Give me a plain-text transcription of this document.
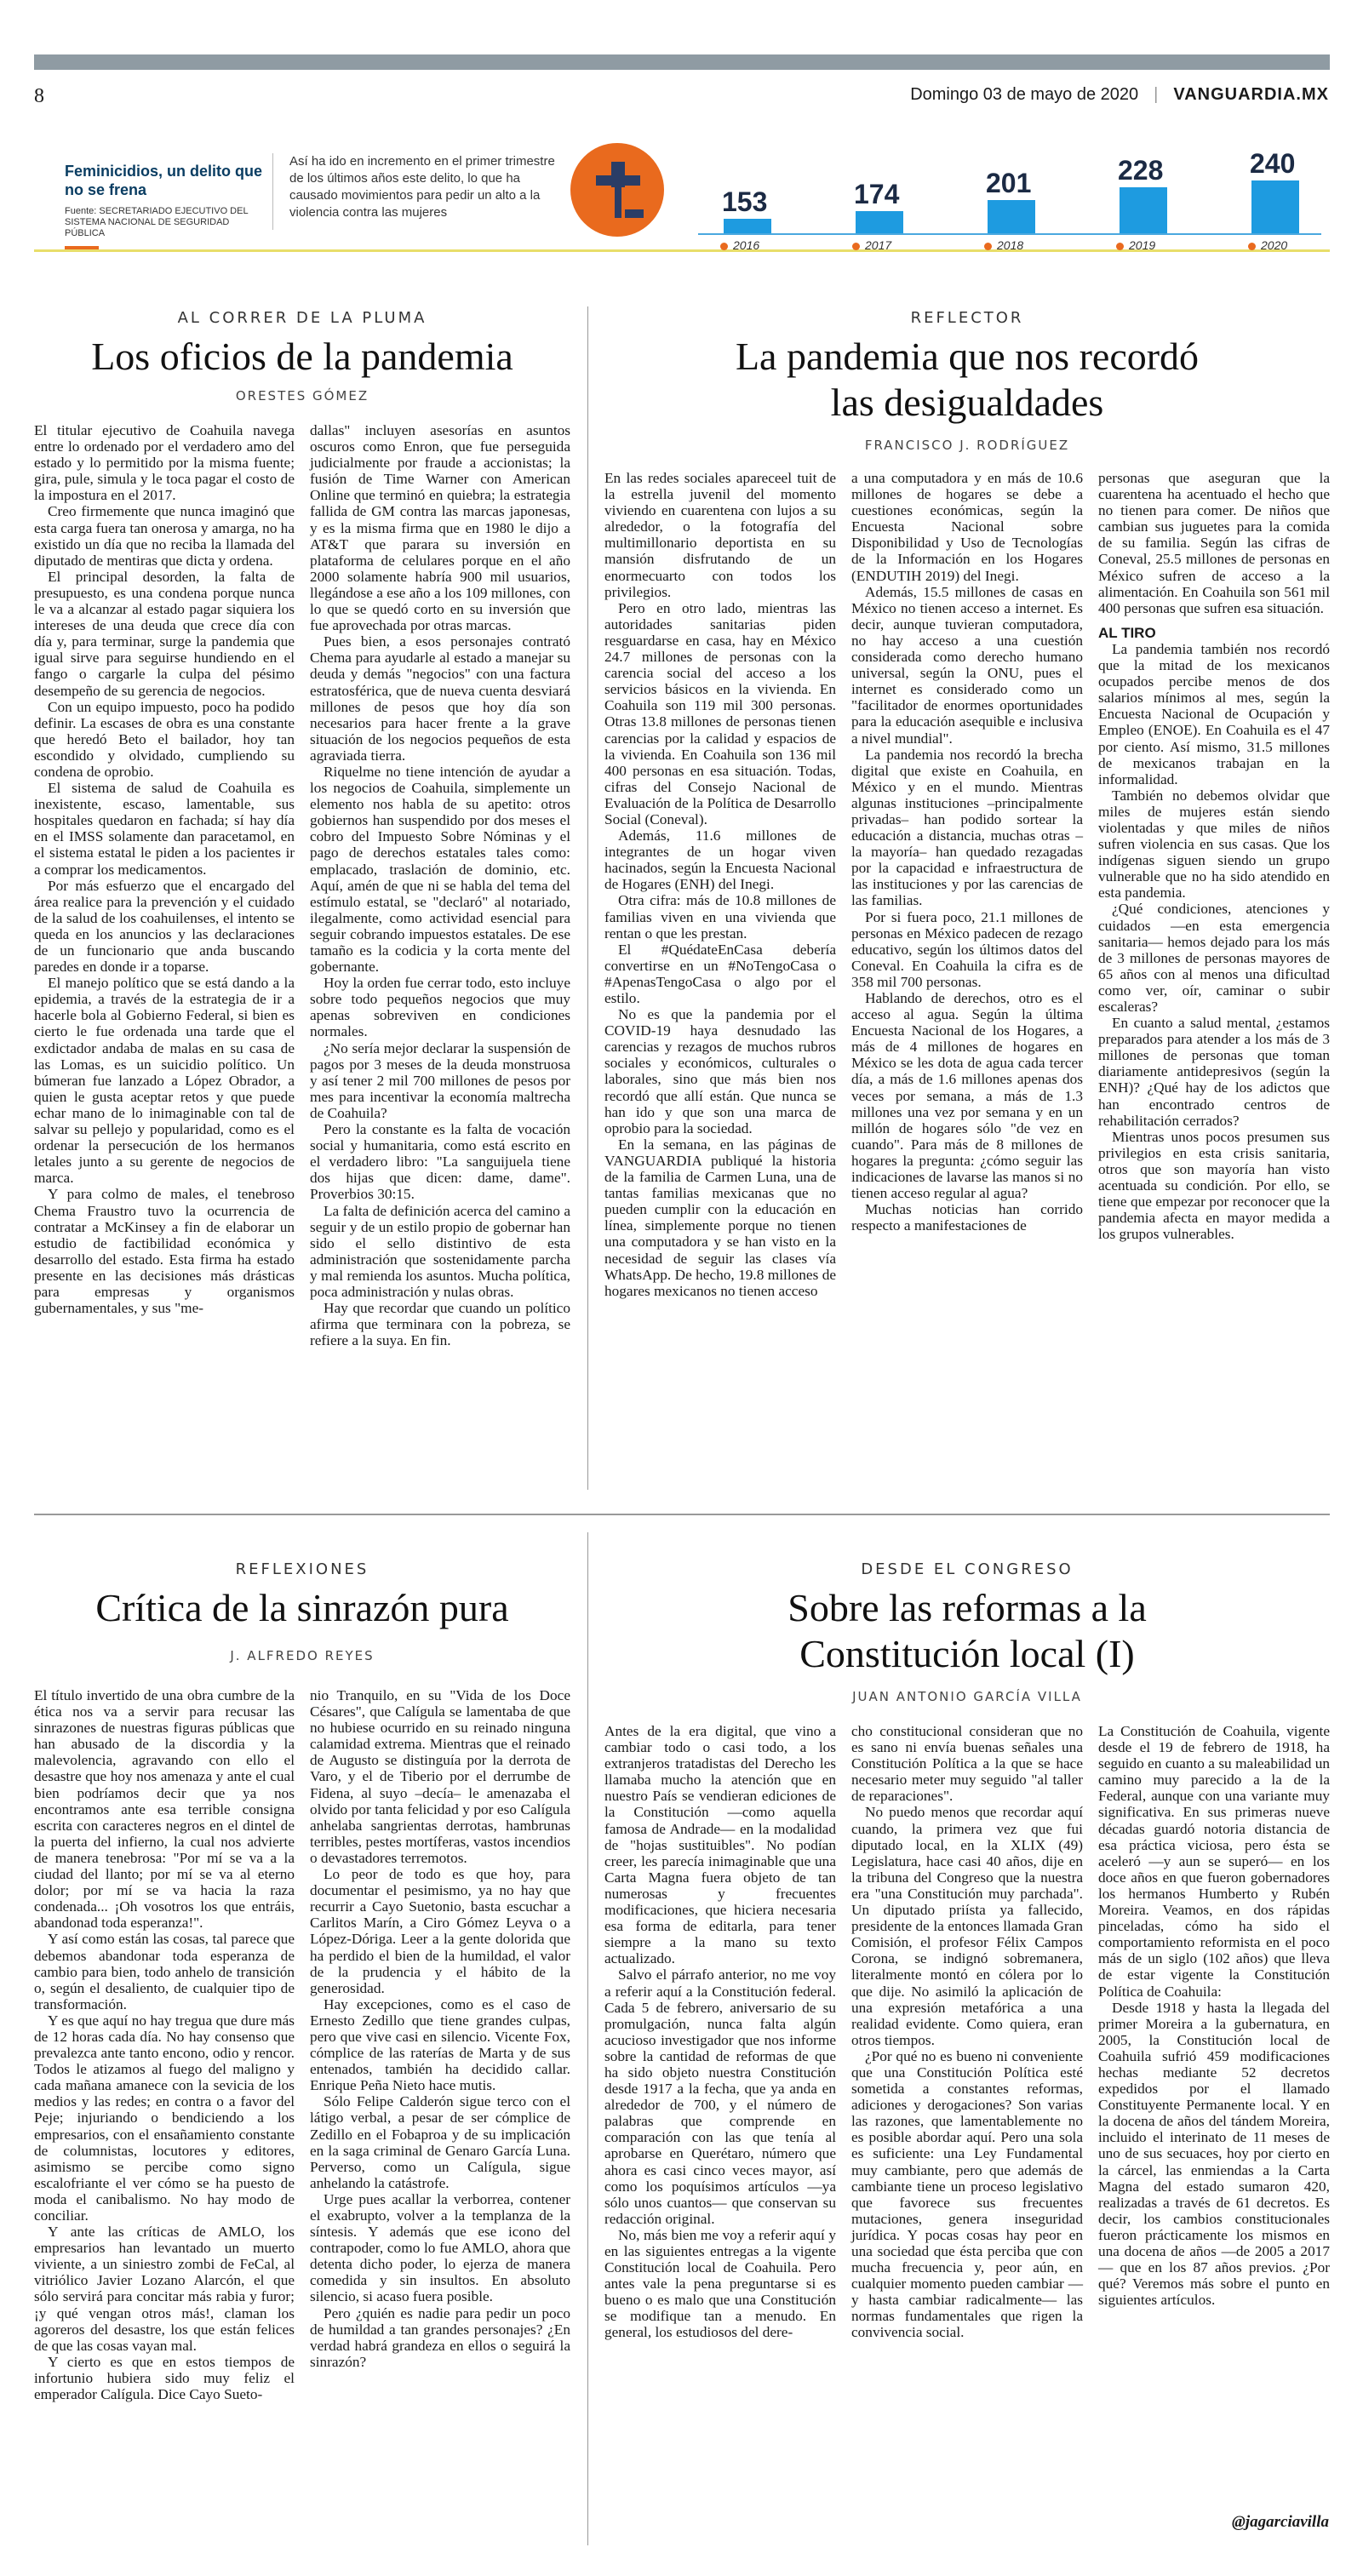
8	Domingo 03 de mayo de 2020 | VANGUARDIA.MX
Feminicidios, un delito que no se frena
Fuente: SECRETARIADO EJECUTIVO DEL SISTEMA NACIONAL DE SEGURIDAD PÚBLICA
Así ha ido en incremento en el primer trimestre de los últimos años este delito, lo que ha causado movimientos para pedir un alto a la violencia contra las mujeres	153
2016
174
2017
201
2018
228
2019
240
2020
AL CORRER DE LA PLUMA
Los oficios de la pandemia
ORESTES GÓMEZ

El titular ejecutivo de Coahuila navega entre lo ordenado por el verdadero amo del estado y lo permitido por la misma fuente; gira, pule, simula y le toca pagar el costo de la impostura en el 2017.

Creo firmemente que nunca imaginó que esta carga fuera tan onerosa y amarga, no ha existido un día que no reciba la llamada del diputado de mentiras que dicta y ordena.

El principal desorden, la falta de presupuesto, es una condena porque nunca le va a alcanzar al estado pagar siquiera los intereses de una deuda que crece día con día y, para terminar, surge la pandemia que igual sirve para seguirse hundiendo en el fango o cargarle la culpa del pésimo desempeño de su gerencia de negocios.

Con un equipo impuesto, poco ha podido definir. La escases de obra es una constante que heredó Beto el bailador, hoy tan escondido y olvidado, cumpliendo su condena de oprobio.

El sistema de salud de Coahuila es inexistente, escaso, lamentable, sus hospitales quedaron en fachada; sí hay día en el IMSS solamente dan paracetamol, en el sistema estatal le piden a los pacientes ir a comprar los medicamentos.

Por más esfuerzo que el encargado del área realice para la prevención y el cuidado de la salud de los coahuilenses, el intento se queda en los anuncios y las declaraciones de un funcionario que anda buscando paredes en donde ir a toparse.

El manejo político que se está dando a la epidemia, a través de la estrategia de ir a hacerle bola al Gobierno Federal, si bien es cierto le fue ordenada una tarde que el exdictador andaba de malas en su casa de las Lomas, es un suicidio político. Un búmeran fue lanzado a López Obrador, a quien le gusta aceptar retos y que puede echar mano de lo inimaginable con tal de salvar su pellejo y popularidad, como es el ordenar la persecución de los hermanos letales junto a su gerente de negocios de marca.

Y para colmo de males, el tenebroso Chema Fraustro tuvo la ocurrencia de contratar a McKinsey a fin de elaborar un estudio de factibilidad económica y desarrollo del estado. Esta firma ha estado presente en las decisiones más drásticas para empresas y organismos gubernamentales, y sus "me-

dallas" incluyen asesorías en asuntos oscuros como Enron, que fue perseguida judicialmente por fraude a accionistas; la fusión de Time Warner con American Online que terminó en quiebra; la estrategia fallida de GM contra las marcas japonesas, y es la misma firma que en 1980 le dijo a AT&T que parara su inversión en plataforma de celulares porque en el año 2000 solamente habría 900 mil usuarios, llegándose a ese año a los 109 millones, con lo que se quedó corto en su inversión que fue aprovechada por otras marcas.

Pues bien, a esos personajes contrató Chema para ayudarle al estado a manejar su deuda y demás "negocios" con una factura estratosférica, que de nueva cuenta desviará millones de pesos que hoy día son necesarios para hacer frente a la grave situación de los negocios pequeños de esta agraviada tierra.

Riquelme no tiene intención de ayudar a los negocios de Coahuila, simplemente un elemento nos habla de su apetito: otros gobiernos han suspendido por dos meses el cobro del Impuesto Sobre Nóminas y el pago de derechos estatales tales como: emplacado, traslación de dominio, etc. Aquí, amén de que ni se habla del tema del estímulo estatal, se "declaró" al notariado, ilegalmente, como actividad esencial para seguir cobrando impuestos estatales. De ese tamaño es la codicia y la corta mente del gobernante.

Hoy la orden fue cerrar todo, esto incluye sobre todo pequeños negocios que muy apenas sobreviven en condiciones normales.

¿No sería mejor declarar la suspensión de pagos por 3 meses de la deuda monstruosa y así tener 2 mil 700 millones de pesos por mes para incentivar la economía maltrecha de Coahuila?

Pero la constante es la falta de vocación social y humanitaria, como está escrito en el verdadero libro: "La sanguijuela tiene dos hijas que dicen: dame, dame". Proverbios 30:15.

La falta de definición acerca del camino a seguir y de un estilo propio de gobernar han sido el sello distintivo de esta administración que sostenidamente parcha y mal remienda los asuntos. Mucha política, poca administración y nulas obras.

Hay que recordar que cuando un político afirma que terminara con la pobreza, se refiere a la suya. En fin.

REFLECTOR
La pandemia que nos recordó las desigualdades
FRANCISCO J. RODRÍGUEZ

En las redes sociales apareceel tuit de la estrella juvenil del momento viviendo en cuarentena con lujos a su alrededor, o la fotografía del multimillonario deportista en su mansión disfrutando de un enormecuarto con todos los privilegios.

Pero en otro lado, mientras las autoridades sanitarias piden resguardarse en casa, hay en México 24.7 millones de personas con la carencia social del acceso a los servicios básicos en la vivienda. En Coahuila son 119 mil 300 personas. Otras 13.8 millones de personas tienen carencias por la calidad y espacios de la vivienda. En Coahuila son 136 mil 400 personas en esa situación. Todas, cifras del Consejo Nacional de Evaluación de la Política de Desarrollo Social (Coneval).

Además, 11.6 millones de integrantes de un hogar viven hacinados, según la Encuesta Nacional de Hogares (ENH) del Inegi.

Otra cifra: más de 10.8 millones de familias viven en una vivienda que rentan o que les prestan.

El #QuédateEnCasa debería convertirse en un #NoTengoCasa o #ApenasTengoCasa o algo por el estilo.

No es que la pandemia por el COVID-19 haya desnudado las carencias y rezagos de muchos rubros sociales y económicos, culturales o laborales, sino que más bien nos recordó que allí están. Que nunca se han ido y que son una marca de oprobio para la sociedad.

En la semana, en las páginas de VANGUARDIA publiqué la historia de la familia de Carmen Luna, una de tantas familias mexicanas que no pueden cumplir con la educación en línea, simplemente porque no tienen una computadora y se han visto en la necesidad de seguir las clases vía WhatsApp. De hecho, 19.8 millones de hogares mexicanos no tienen acceso

a una computadora y en más de 10.6 millones de hogares se debe a cuestiones económicas, según la Encuesta Nacional sobre Disponibilidad y Uso de Tecnologías de la Información en los Hogares (ENDUTIH 2019) del Inegi.

Además, 15.5 millones de casas en México no tienen acceso a internet. Es decir, aunque tuvieran computadora, no hay acceso a una cuestión considerada como derecho humano universal, según la ONU, pues el internet es considerado como un "facilitador de enormes oportunidades para la educación asequible e inclusiva a nivel mundial".

La pandemia nos recordó la brecha digital que existe en Coahuila, en México y en el mundo. Mientras algunas instituciones –principalmente privadas– han podido sortear la educación a distancia, muchas otras –la mayoría– han quedado rezagadas por la capacidad e infraestructura de las instituciones y por las carencias de las familias.

Por si fuera poco, 21.1 millones de personas en México padecen de rezago educativo, según los últimos datos del Coneval. En Coahuila la cifra es de 358 mil 700 personas.

Hablando de derechos, otro es el acceso al agua. Según la última Encuesta Nacional de los Hogares, a más de 4 millones de hogares en México se les dota de agua cada tercer día, a más de 1.6 millones apenas dos veces por semana, a más de 1.3 millones una vez por semana y en un millón de hogares sólo "de vez en cuando". Para más de 8 millones de hogares la pregunta: ¿cómo seguir las indicaciones de lavarse las manos si no tienen acceso regular al agua?

Muchas noticias han corrido respecto a manifestaciones de

personas que aseguran que la cuarentena ha acentuado el hecho que no tienen para comer. De niños que cambian sus juguetes para la comida de su familia. Según las cifras de Coneval, 25.5 millones de personas en México sufren de acceso a la alimentación. En Coahuila son 561 mil 400 personas que sufren esa situación.

AL TIRO

La pandemia también nos recordó que la mitad de los mexicanos ocupados percibe menos de dos salarios mínimos al mes, según la Encuesta Nacional de Ocupación y Empleo (ENOE). En Coahuila es el 47 por ciento. Así mismo, 31.5 millones de mexicanos trabajan en la informalidad.

También no debemos olvidar que miles de mujeres están siendo violentadas y que miles de niños sufren violencia en sus casas. Que los indígenas siguen siendo un grupo vulnerable que no ha sido atendido en esta pandemia.

¿Qué condiciones, atenciones y cuidados —en esta emergencia sanitaria— hemos dejado para los más de 3 millones de personas mayores de 65 años con al menos una dificultad como ver, oír, caminar o subir escaleras?

En cuanto a salud mental, ¿estamos preparados para atender a los más de 3 millones de personas que toman diariamente antidepresivos (según la ENH)? ¿Qué hay de los adictos que han encontrado centros de rehabilitación cerrados?

Mientras unos pocos presumen sus privilegios en esta crisis sanitaria, otros que son mayoría han visto acentuada su condición. Por ello, se tiene que empezar por reconocer que la pandemia afecta en mayor medida a los grupos vulnerables.

REFLEXIONES
Crítica de la sinrazón pura
J. ALFREDO REYES

El título invertido de una obra cumbre de la ética nos va a servir para recusar las sinrazones de nuestras figuras públicas que han abusado de la discordia y la malevolencia, agravando con ello el desastre que hoy nos amenaza y ante el cual bien podríamos decir que ya nos encontramos ante esa terrible consigna escrita con caracteres negros en el dintel de la puerta del infierno, la cual nos advierte de manera tenebrosa: "Por mí se va a la ciudad del llanto; por mí se va al eterno dolor; por mí se va hacia la raza condenada... ¡Oh vosotros los que entráis, abandonad toda esperanza!".

Y así como están las cosas, tal parece que debemos abandonar toda esperanza de cambio para bien, todo anhelo de transición o, según el desaliento, de cualquier tipo de transformación.

Y es que aquí no hay tregua que dure más de 12 horas cada día. No hay consenso que prevalezca ante tanto encono, odio y rencor. Todos le atizamos al fuego del maligno y cada mañana amanece con la sevicia de los medios y las redes; en contra o a favor del Peje; injuriando o bendiciendo a los empresarios, con el ensañamiento constante de columnistas, locutores y editores, asimismo se percibe como signo escalofriante el ver cómo se ha puesto de moda el canibalismo. No hay modo de conciliar.

Y ante las críticas de AMLO, los empresarios han levantado un muerto viviente, a un siniestro zombi de FeCal, al vitriólico Javier Lozano Alarcón, el que sólo servirá para concitar más rabia y furor; ¡y qué vengan otros más!, claman los agoreros del desastre, los que están felices de que las cosas vayan mal.

Y cierto es que en estos tiempos de infortunio hubiera sido muy feliz el emperador Calígula. Dice Cayo Sueto-

nio Tranquilo, en su "Vida de los Doce Césares", que Calígula se lamentaba de que no hubiese ocurrido en su reinado ninguna calamidad extrema. Mientras que el reinado de Augusto se distinguía por la derrota de Varo, y el de Tiberio por el derrumbe de Fidena, al suyo –decía– le amenazaba el olvido por tanta felicidad y por eso Calígula anhelaba sangrientas derrotas, hambrunas terribles, pestes mortíferas, vastos incendios o devastadores terremotos.

Lo peor de todo es que hoy, para documentar el pesimismo, ya no hay que recurrir a Cayo Suetonio, basta escuchar a Carlitos Marín, a Ciro Gómez Leyva o a López-Dóriga. Leer a la gente dolorida que ha perdido el bien de la humildad, el valor de la prudencia y el hábito de la generosidad.

Hay excepciones, como es el caso de Ernesto Zedillo que tiene grandes culpas, pero que vive casi en silencio. Vicente Fox, cómplice de las raterías de Marta y de sus entenados, también ha decidido callar. Enrique Peña Nieto hace mutis.

Sólo Felipe Calderón sigue terco con el látigo verbal, a pesar de ser cómplice de Zedillo en el Fobaproa y de su implicación en la saga criminal de Genaro García Luna. Perverso, como un Calígula, sigue anhelando la catástrofe.

Urge pues acallar la verborrea, contener el exabrupto, volver a la templanza de la síntesis. Y además que ese icono del contrapoder, como lo fue AMLO, ahora que detenta dicho poder, lo ejerza de manera comedida y sin insultos. En absoluto silencio, si acaso fuera posible.

Pero ¿quién es nadie para pedir un poco de humildad a tan grandes personajes? ¿En verdad habrá grandeza en ellos o seguirá la sinrazón?

DESDE EL CONGRESO
Sobre las reformas a la Constitución local (I)
JUAN ANTONIO GARCÍA VILLA

Antes de la era digital, que vino a cambiar todo o casi todo, a los extranjeros tratadistas del Derecho les llamaba mucho la atención que en nuestro País se vendieran ediciones de la Constitución —como aquella famosa de Andrade— en la modalidad de "hojas sustituibles". No podían creer, les parecía inimaginable que una Carta Magna fuera objeto de tan numerosas y frecuentes modificaciones, que hiciera necesaria esa forma de editarla, para tener siempre a la mano su texto actualizado.

Salvo el párrafo anterior, no me voy a referir aquí a la Constitución federal. Cada 5 de febrero, aniversario de su promulgación, nunca falta algún acucioso investigador que nos informe sobre la cantidad de reformas de que ha sido objeto nuestra Constitución desde 1917 a la fecha, que ya anda en alrededor de 700, y el número de palabras que comprende en comparación con las que tenía al aprobarse en Querétaro, número que ahora es casi cinco veces mayor, así como los poquísimos artículos —ya sólo unos cuantos— que conservan su redacción original.

No, más bien me voy a referir aquí y en las siguientes entregas a la vigente Constitución local de Coahuila. Pero antes vale la pena preguntarse si es bueno o es malo que una Constitución se modifique tan a menudo. En general, los estudiosos del dere-

cho constitucional consideran que no es sano ni envía buenas señales una Constitución Política a la que se hace necesario meter muy seguido "al taller de reparaciones".

No puedo menos que recordar aquí cuando, la primera vez que fui diputado local, en la XLIX (49) Legislatura, hace casi 40 años, dije en la tribuna del Congreso que la nuestra era "una Constitución muy parchada". Un diputado priísta ya fallecido, presidente de la entonces llamada Gran Comisión, el profesor Félix Campos Corona, se indignó sobremanera, literalmente montó en cólera por lo que dije. No asimiló la aplicación de una expresión metafórica a una realidad evidente. Como quiera, eran otros tiempos.

¿Por qué no es bueno ni conveniente que una Constitución Política esté sometida a constantes reformas, adiciones y derogaciones? Son varias las razones, que lamentablemente no es posible abordar aquí. Pero una sola es suficiente: una Ley Fundamental muy cambiante, pero que además de cambiante tiene un proceso legislativo que favorece sus frecuentes mutaciones, genera inseguridad jurídica. Y pocas cosas hay peor en una sociedad que ésta perciba que con mucha frecuencia y, peor aún, en cualquier momento pueden cambiar —y hasta cambiar radicalmente— las normas fundamentales que rigen la convivencia social.

La Constitución de Coahuila, vigente desde el 19 de febrero de 1918, ha seguido en cuanto a su maleabilidad un camino muy parecido a la de la Federal, aunque con una variante muy significativa. En sus primeras nueve décadas guardó notoria distancia de esa práctica viciosa, pero ésta se aceleró —y aun se superó— en los doce años en que fueron gobernadores los hermanos Humberto y Rubén Moreira. Veamos, en dos rápidas pinceladas, cómo ha sido el comportamiento reformista en el poco más de un siglo (102 años) que lleva de estar vigente la Constitución Política de Coahuila:

Desde 1918 y hasta la llegada del primer Moreira a la gubernatura, en 2005, la Constitución local de Coahuila sufrió 459 modificaciones hechas mediante 52 decretos expedidos por el llamado Constituyente Permanente local. Y en la docena de años del tándem Moreira, incluido el interinato de 11 meses de uno de sus secuaces, hoy por cierto en la cárcel, las enmiendas a la Carta Magna del estado sumaron 420, realizadas a través de 61 decretos. Es decir, los cambios constitucionales fueron prácticamente los mismos en una docena de años —de 2005 a 2017— que en los 87 años previos. ¿Por qué? Veremos más sobre el punto en siguientes artículos.

@jagarciavilla
